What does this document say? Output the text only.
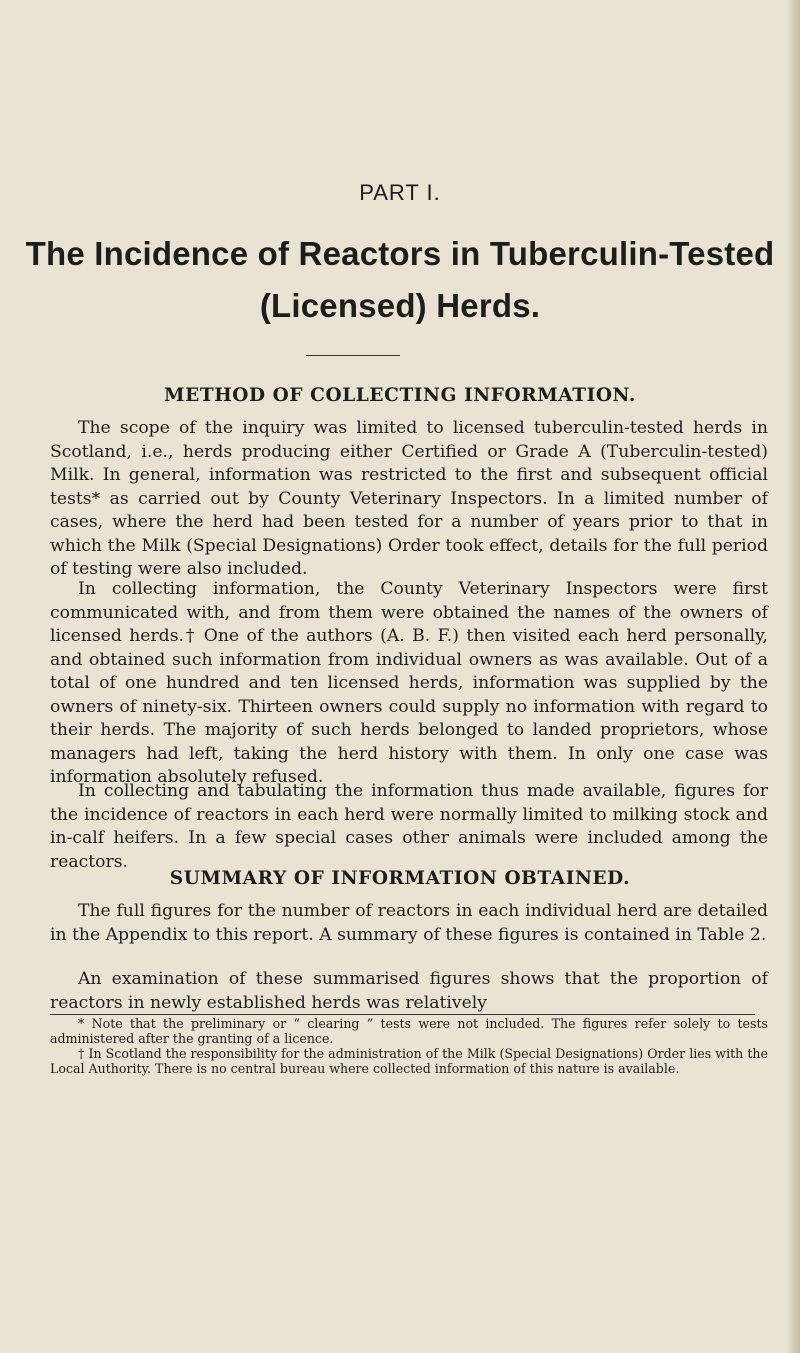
PART I.
The Incidence of Reactors in Tuberculin-Tested
(Licensed) Herds.
METHOD OF COLLECTING INFORMATION.

The scope of the inquiry was limited to licensed tuberculin-tested herds in Scotland, i.e., herds producing either Certified or Grade A (Tuberculin-tested) Milk. In general, information was restricted to the first and subsequent official tests* as carried out by County Veterinary Inspectors. In a limited number of cases, where the herd had been tested for a number of years prior to that in which the Milk (Special Designations) Order took effect, details for the full period of testing were also included.

In collecting information, the County Veterinary Inspectors were first communicated with, and from them were obtained the names of the owners of licensed herds.† One of the authors (A. B. F.) then visited each herd personally, and obtained such information from individual owners as was available. Out of a total of one hundred and ten licensed herds, information was supplied by the owners of ninety-six. Thirteen owners could supply no information with regard to their herds. The majority of such herds belonged to landed proprietors, whose managers had left, taking the herd history with them. In only one case was information absolutely refused.

In collecting and tabulating the information thus made available, figures for the incidence of reactors in each herd were normally limited to milking stock and in-calf heifers. In a few special cases other animals were included among the reactors.

SUMMARY OF INFORMATION OBTAINED.

The full figures for the number of reactors in each individual herd are detailed in the Appendix to this report. A summary of these figures is contained in Table 2.

An examination of these summarised figures shows that the proportion of reactors in newly established herds was relatively

* Note that the preliminary or “ clearing ” tests were not included. The figures refer solely to tests administered after the granting of a licence.

† In Scotland the responsibility for the administration of the Milk (Special Designations) Order lies with the Local Authority. There is no central bureau where collected information of this nature is available.
